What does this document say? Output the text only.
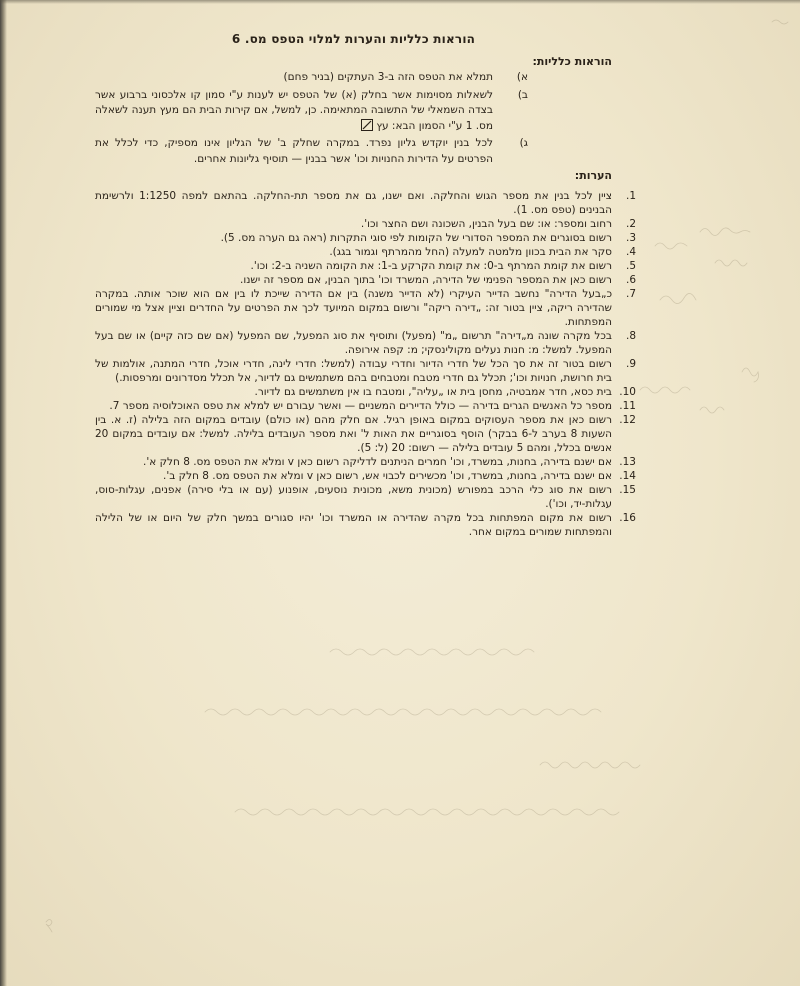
הוראות כלליות והערות למלוי הטפס מס. 6
הוראות כלליות:
א)
תמלא את הטפס הזה ב-3 העתקים (בניר פחם)
ב)
לשאלות מסוימות אשר בחלק (א) של הטפס יש לענות ע"י סמון קו אלכסוני ברבוע אשר בצדה השמאלי של התשובה המתאימה. כן, למשל, אם קירות הבית הם מעץ תענה לשאלה מס. 1 ע"י הסמון הבא: עץ
ג)
לכל בנין יוקדש גליון נפרד. במקרה שחלק ב' של הגליון אינו מספיק, כדי לכלל את הפרטים על הדירות החנויות וכו' אשר בבנין — תוסיף גליונות אחרים.
הערות:
1.
ציין לכל בנין את מספר הגוש והחלקה. ואם ישנו, גם את מספר תת-החלקה. בהתאם למפה 1:1250 ולרשימת הבנינים (טפס מס. 1).
2.
רחוב ומספר: או: שם בעל הבנין, השכונה ושם החצר וכו'.
3.
רשום בסוגרים את המספר הסדורי של הקומות לפי סוגי התקרות (ראה גם הערה מס. 5).
4.
סקר את הבית בכוון מלמטה למעלה (החל מהמרתף וגמור בגג).
5.
רשום את קומת המרתף ב-0: את קומת הקרקע ב-1: את הקומה השניה ב-2: וכו'.
6.
רשום כאן את המספר הפנימי של הדירה, המשרד וכו' בתוך הבנין, אם מספר זה ישנו.
7.
כ„בעל הדירה" נחשב הדייר העיקרי (לא הדייר משנה) בין אם הדירה שייכת לו בין אם הוא שוכר אותה. במקרה שהדירה ריקה, ציין בטור זה: „דירה ריקה" ורשום במקום המיועד לכך את הפרטים על החדרים וציין אצל מי שמורים המפתחות.
8.
בכל מקרה שונה מ„דירה" תרשום „מ" (מפעל) ותוסיף את סוג המפעל, שם המפעל (אם שם כזה קיים) או שם בעל המפעל. למשל: מ: חנות נעלים מקולינסקי; מ: קפה אירופה.
9.
רשום בטור זה את סך הכל של חדרי הדיור וחדרי עבודה (למשל: חדרי לינה, חדרי אוכל, חדרי המתנה, אולמות של בית חרושת, חנויות וכו'; תכלל גם חדרי מטבח ומטבחים בהם משתמשים גם לדיור, אל תכלל מסדרונים ומרפסות.)
10.
בית כסא, חדר אמבטיה, מחסן בית או „עליה", ומטבח בו אין משתמשים גם לדיור.
11.
מספר כל האנשים הגרים בדירה — כולל הדיירים המשניים — ואשר עבורם יש למלא את טפס האוכלוסיה מספר 7.
12.
רשום כאן את מספר העסוקים במקום באופן רגיל. אם חלק מהם (או כולם) עובדים במקום הזה בלילה (ז. א. בין השעות 8 בערב ל-6 בבקר) הוסף בסוגריים את האות ל' ואת מספר העובדים בלילה. למשל: אם עובדים במקום 20 אנשים בכלל, ומהם 5 עובדים בלילה — רשום: 20 (ל: 5).
13.
אם ישנם בדירה, בחנות, במשרד, וכו' חמרים הניתנים לדליקה רשום כאן v ומלא את הטפס מס. 8 חלק א'.
14.
אם ישנם בדירה, בחנות, במשרד, וכו' מכשירים לכבוי אש, רשום כאן v ומלא את הטפס מס. 8 חלק ב'.
15.
רשום את סוג כלי הרכב במפורש (מכונית משא, מכונית נוסעים, אופנוע (עם או בלי סירה) אפנים, עגלות-סוס, עגלות-יד, וכו').
16.
רשום את מקום המפתחות בכל מקרה שהדירה או המשרד וכו' יהיו סגורים במשך חלק של היום או של הלילה והמפתחות שמורים במקום אחר.
